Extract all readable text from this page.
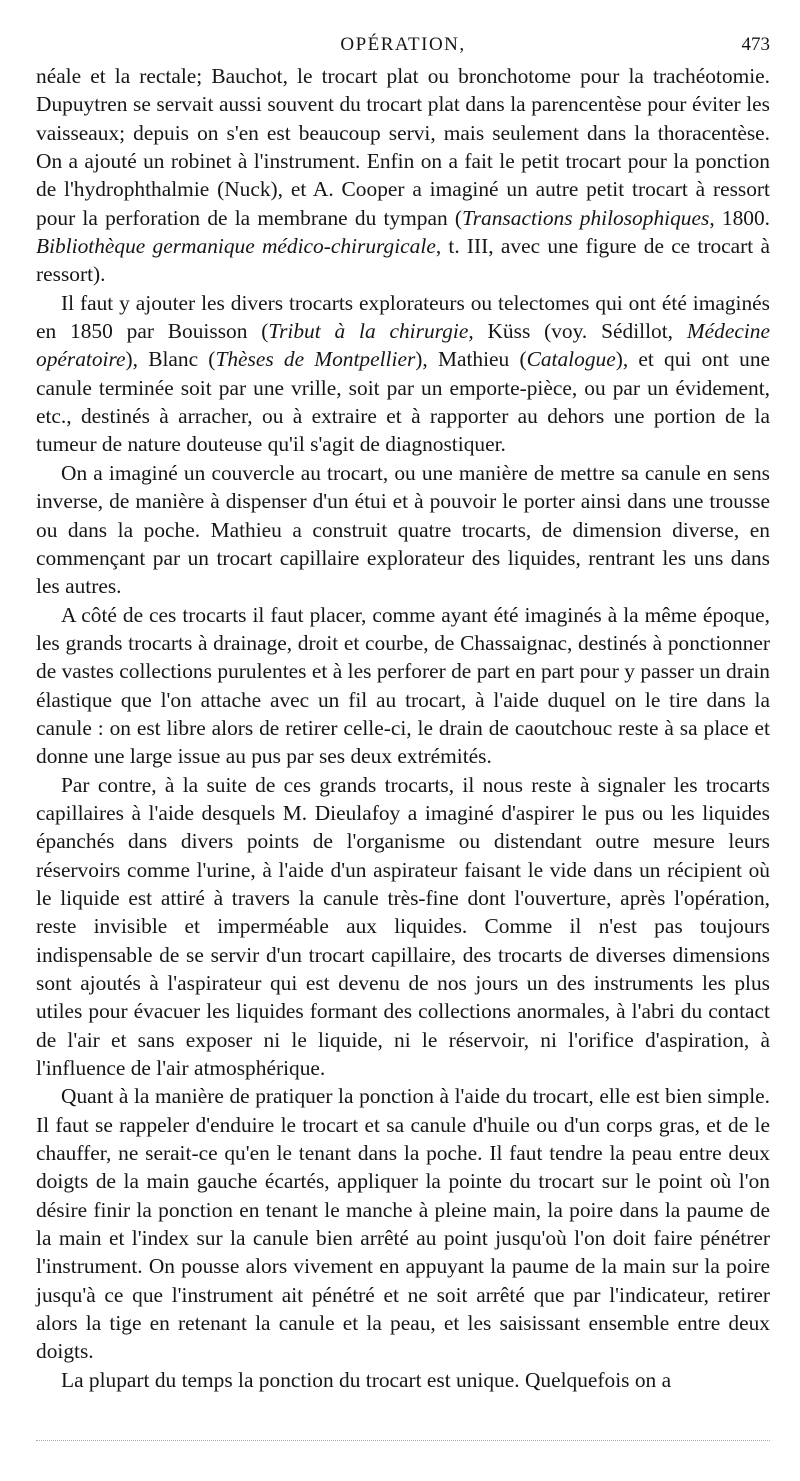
OPÉRATION,	473

néale et la rectale; Bauchot, le trocart plat ou bronchotome pour la trachéotomie. Dupuytren se servait aussi souvent du trocart plat dans la parencentèse pour éviter les vaisseaux; depuis on s'en est beaucoup servi, mais seulement dans la thoracentèse. On a ajouté un robinet à l'instrument. Enfin on a fait le petit trocart pour la ponction de l'hydrophthalmie (Nuck), et A. Cooper a imaginé un autre petit trocart à ressort pour la perforation de la membrane du tympan (Transactions philosophiques, 1800. Bibliothèque germanique médico-chirurgicale, t. III, avec une figure de ce trocart à ressort).

Il faut y ajouter les divers trocarts explorateurs ou telectomes qui ont été imaginés en 1850 par Bouisson (Tribut à la chirurgie, Küss (voy. Sédillot, Médecine opératoire), Blanc (Thèses de Montpellier), Mathieu (Catalogue), et qui ont une canule terminée soit par une vrille, soit par un emporte-pièce, ou par un évidement, etc., destinés à arracher, ou à extraire et à rapporter au dehors une portion de la tumeur de nature douteuse qu'il s'agit de diagnostiquer.

On a imaginé un couvercle au trocart, ou une manière de mettre sa canule en sens inverse, de manière à dispenser d'un étui et à pouvoir le porter ainsi dans une trousse ou dans la poche. Mathieu a construit quatre trocarts, de dimension diverse, en commençant par un trocart capillaire explorateur des liquides, rentrant les uns dans les autres.

A côté de ces trocarts il faut placer, comme ayant été imaginés à la même époque, les grands trocarts à drainage, droit et courbe, de Chassaignac, destinés à ponctionner de vastes collections purulentes et à les perforer de part en part pour y passer un drain élastique que l'on attache avec un fil au trocart, à l'aide duquel on le tire dans la canule : on est libre alors de retirer celle-ci, le drain de caoutchouc reste à sa place et donne une large issue au pus par ses deux extrémités.

Par contre, à la suite de ces grands trocarts, il nous reste à signaler les trocarts capillaires à l'aide desquels M. Dieulafoy a imaginé d'aspirer le pus ou les liquides épanchés dans divers points de l'organisme ou distendant outre mesure leurs réservoirs comme l'urine, à l'aide d'un aspirateur faisant le vide dans un récipient où le liquide est attiré à travers la canule très-fine dont l'ouverture, après l'opération, reste invisible et imperméable aux liquides. Comme il n'est pas toujours indispensable de se servir d'un trocart capillaire, des trocarts de diverses dimensions sont ajoutés à l'aspirateur qui est devenu de nos jours un des instruments les plus utiles pour évacuer les liquides formant des collections anormales, à l'abri du contact de l'air et sans exposer ni le liquide, ni le réservoir, ni l'orifice d'aspiration, à l'influence de l'air atmosphérique.

Quant à la manière de pratiquer la ponction à l'aide du trocart, elle est bien simple. Il faut se rappeler d'enduire le trocart et sa canule d'huile ou d'un corps gras, et de le chauffer, ne serait-ce qu'en le tenant dans la poche. Il faut tendre la peau entre deux doigts de la main gauche écartés, appliquer la pointe du trocart sur le point où l'on désire finir la ponction en tenant le manche à pleine main, la poire dans la paume de la main et l'index sur la canule bien arrêté au point jusqu'où l'on doit faire pénétrer l'instrument. On pousse alors vivement en appuyant la paume de la main sur la poire jusqu'à ce que l'instrument ait pénétré et ne soit arrêté que par l'indicateur, retirer alors la tige en retenant la canule et la peau, et les saisissant ensemble entre deux doigts.

La plupart du temps la ponction du trocart est unique. Quelquefois on a
